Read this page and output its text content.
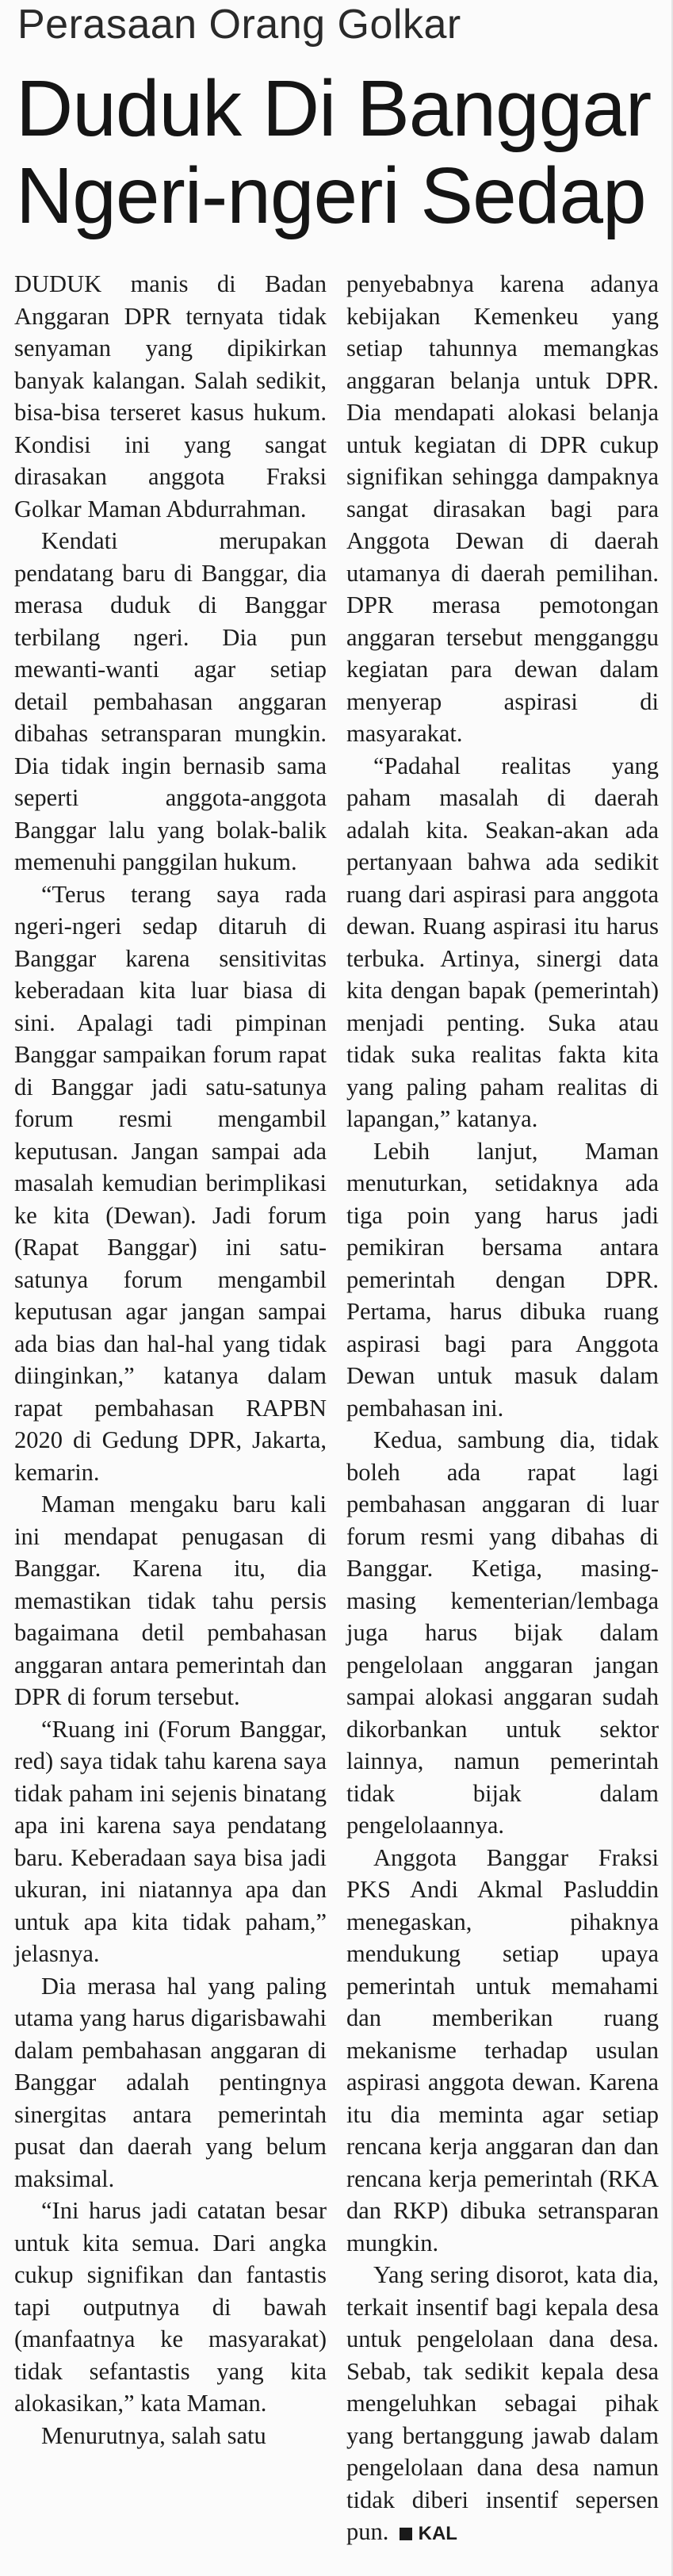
Perasaan Orang Golkar
Duduk Di Banggar
Ngeri-ngeri Sedap

DUDUK manis di Badan Anggaran DPR ternyata tidak senyaman yang dipikirkan banyak kalangan. Salah sedikit, bisa-bisa terseret kasus hukum. Kondisi ini yang sangat dirasakan anggota Fraksi Golkar Maman Abdurrahman.

Kendati merupakan pendatang baru di Banggar, dia merasa duduk di Banggar terbilang ngeri. Dia pun mewanti-wanti agar setiap detail pembahasan anggaran dibahas setransparan mungkin. Dia tidak ingin bernasib sama seperti anggota-anggota Banggar lalu yang bolak-balik memenuhi panggilan hukum.

“Terus terang saya rada ngeri-ngeri sedap ditaruh di Banggar karena sensitivitas keberadaan kita luar biasa di sini. Apalagi tadi pimpinan Banggar sampaikan forum rapat di Banggar jadi satu-satunya forum resmi mengambil keputusan. Jangan sampai ada masalah kemudian berimplikasi ke kita (Dewan). Jadi forum (Rapat Banggar) ini satu-satunya forum mengambil keputusan agar jangan sampai ada bias dan hal-hal yang tidak diinginkan,” katanya dalam rapat pembahasan RAPBN 2020 di Gedung DPR, Jakarta, kemarin.

Maman mengaku baru kali ini mendapat penugasan di Banggar. Karena itu, dia memastikan tidak tahu persis bagaimana detil pembahasan anggaran antara pemerintah dan DPR di forum tersebut.

“Ruang ini (Forum Banggar, red) saya tidak tahu karena saya tidak paham ini sejenis binatang apa ini karena saya pendatang baru. Keberadaan saya bisa jadi ukuran, ini niatannya apa dan untuk apa kita tidak paham,” jelasnya.

Dia merasa hal yang paling utama yang harus digarisbawahi dalam pembahasan anggaran di Banggar adalah pentingnya sinergitas antara pemerintah pusat dan daerah yang belum maksimal.

“Ini harus jadi catatan besar untuk kita semua. Dari angka cukup signifikan dan fantastis tapi outputnya di bawah (manfaatnya ke masyarakat) tidak sefantastis yang kita alokasikan,” kata Maman.

Menurutnya, salah satu

penyebabnya karena adanya kebijakan Kemenkeu yang setiap tahunnya memangkas anggaran belanja untuk DPR. Dia mendapati alokasi belanja untuk kegiatan di DPR cukup signifikan sehingga dampaknya sangat dirasakan bagi para Anggota Dewan di daerah utamanya di daerah pemilihan. DPR merasa pemotongan anggaran tersebut mengganggu kegiatan para dewan dalam menyerap aspirasi di masyarakat.

“Padahal realitas yang paham masalah di daerah adalah kita. Seakan-akan ada pertanyaan bahwa ada sedikit ruang dari aspirasi para anggota dewan. Ruang aspirasi itu harus terbuka. Artinya, sinergi data kita dengan bapak (pemerintah) menjadi penting. Suka atau tidak suka realitas fakta kita yang paling paham realitas di lapangan,” katanya.

Lebih lanjut, Maman menuturkan, setidaknya ada tiga poin yang harus jadi pemikiran bersama antara pemerintah dengan DPR. Pertama, harus dibuka ruang aspirasi bagi para Anggota Dewan untuk masuk dalam pembahasan ini.

Kedua, sambung dia, tidak boleh ada rapat lagi pembahasan anggaran di luar forum resmi yang dibahas di Banggar. Ketiga, masing-masing kementerian/lembaga juga harus bijak dalam pengelolaan anggaran jangan sampai alokasi anggaran sudah dikorbankan untuk sektor lainnya, namun pemerintah tidak bijak dalam pengelolaannya.

Anggota Banggar Fraksi PKS Andi Akmal Pasluddin menegaskan, pihaknya mendukung setiap upaya pemerintah untuk memahami dan memberikan ruang mekanisme terhadap usulan aspirasi anggota dewan. Karena itu dia meminta agar setiap rencana kerja anggaran dan dan rencana kerja pemerintah (RKA dan RKP) dibuka setransparan mungkin.

Yang sering disorot, kata dia, terkait insentif bagi kepala desa untuk pengelolaan dana desa. Sebab, tak sedikit kepala desa mengeluhkan sebagai pihak yang bertanggung jawab dalam pengelolaan dana desa namun tidak diberi insentif sepersen pun. KAL
